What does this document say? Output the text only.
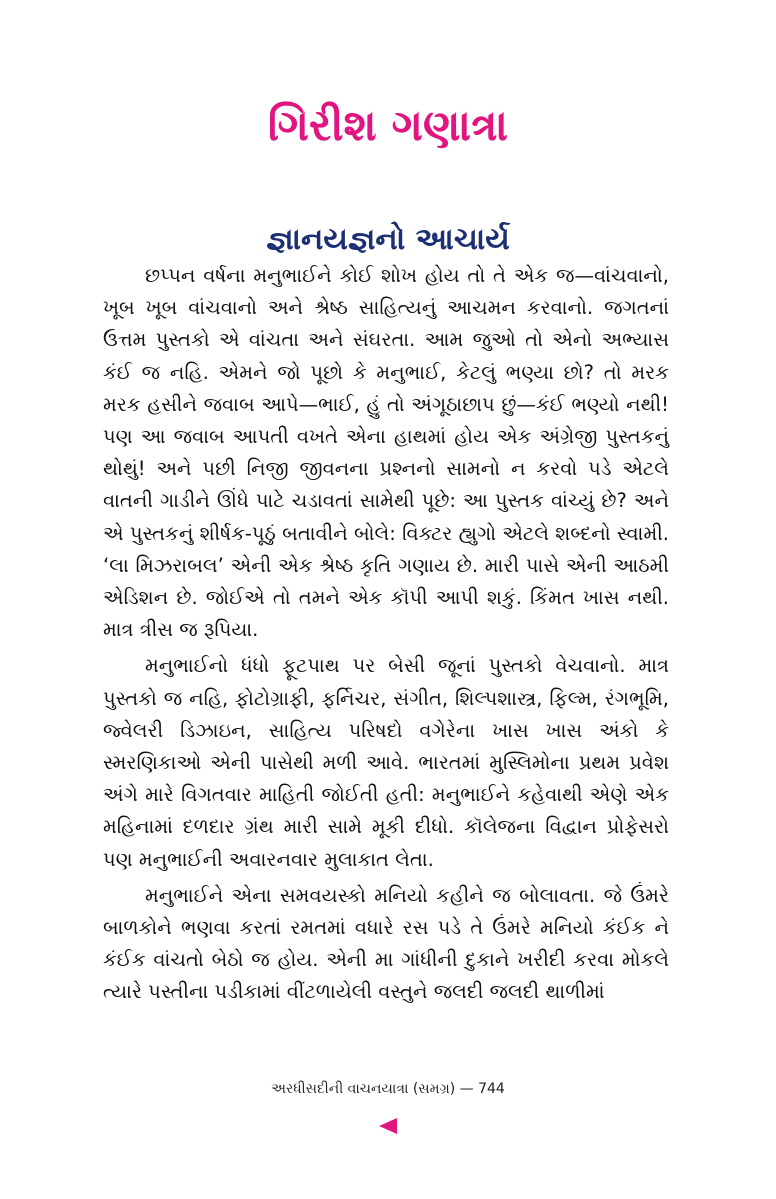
ગિરીશ ગણાત્રા
જ્ઞાનયજ્ઞનો આચાર્ય

છપ્પન વર્ષના મનુભાઈને કોઈ શોખ હોય તો તે એક જ—વાંચવાનો, ખૂબ ખૂબ વાંચવાનો અને શ્રેષ્ઠ સાહિત્યનું આચમન કરવાનો. જગતનાં ઉત્તમ પુસ્તકો એ વાંચતા અને સંઘરતા. આમ જુઓ તો એનો અભ્યાસ કંઈ જ નહિ. એમને જો પૂછો કે મનુભાઈ, કેટલું ભણ્યા છો? તો મરક મરક હસીને જવાબ આપે—ભાઈ, હું તો અંગૂઠાછાપ છું—કંઈ ભણ્યો નથી! પણ આ જવાબ આપતી વખતે એના હાથમાં હોય એક અંગ્રેજી પુસ્તકનું થોથું! અને પછી નિજી જીવનના પ્રશ્નનો સામનો ન કરવો પડે એટલે વાતની ગાડીને ઊંધે પાટે ચડાવતાં સામેથી પૂછે: આ પુસ્તક વાંચ્યું છે? અને એ પુસ્તકનું શીર્ષક-પૂઠું બતાવીને બોલે: વિક્ટર હ્યુગો એટલે શબ્દનો સ્વામી. ‘લા મિઝરાબલ’ એની એક શ્રેષ્ઠ કૃતિ ગણાય છે. મારી પાસે એની આઠમી એડિશન છે. જોઈએ તો તમને એક કૉપી આપી શકું. કિંમત ખાસ નથી. માત્ર ત્રીસ જ રૂપિયા.

મનુભાઈનો ધંધો ફૂટપાથ પર બેસી જૂનાં પુસ્તકો વેચવાનો. માત્ર પુસ્તકો જ નહિ, ફોટોગ્રાફી, ફર્નિચર, સંગીત, શિલ્પશાસ્ત્ર, ફિલ્મ, રંગભૂમિ, જ્વેલરી ડિઝાઇન, સાહિત્ય પરિષદો વગેરેના ખાસ ખાસ અંકો કે સ્મરણિકાઓ એની પાસેથી મળી આવે. ભારતમાં મુસ્લિમોના પ્રથમ પ્રવેશ અંગે મારે વિગતવાર માહિતી જોઈતી હતી: મનુભાઈને કહેવાથી એણે એક મહિનામાં દળદાર ગ્રંથ મારી સામે મૂકી દીધો. કૉલેજના વિદ્વાન પ્રોફેસરો પણ મનુભાઈની અવારનવાર મુલાકાત લેતા.

મનુભાઈને એના સમવયસ્કો મનિયો કહીને જ બોલાવતા. જે ઉંમરે બાળકોને ભણવા કરતાં રમતમાં વધારે રસ પડે તે ઉંમરે મનિયો કંઈક ને કંઈક વાંચતો બેઠો જ હોય. એની મા ગાંધીની દુકાને ખરીદી કરવા મોકલે ત્યારે પસ્તીના પડીકામાં વીંટળાયેલી વસ્તુને જલદી જલદી થાળીમાં

અરધીસદીની વાચનયાત્રા (સમગ્ર) — 744
